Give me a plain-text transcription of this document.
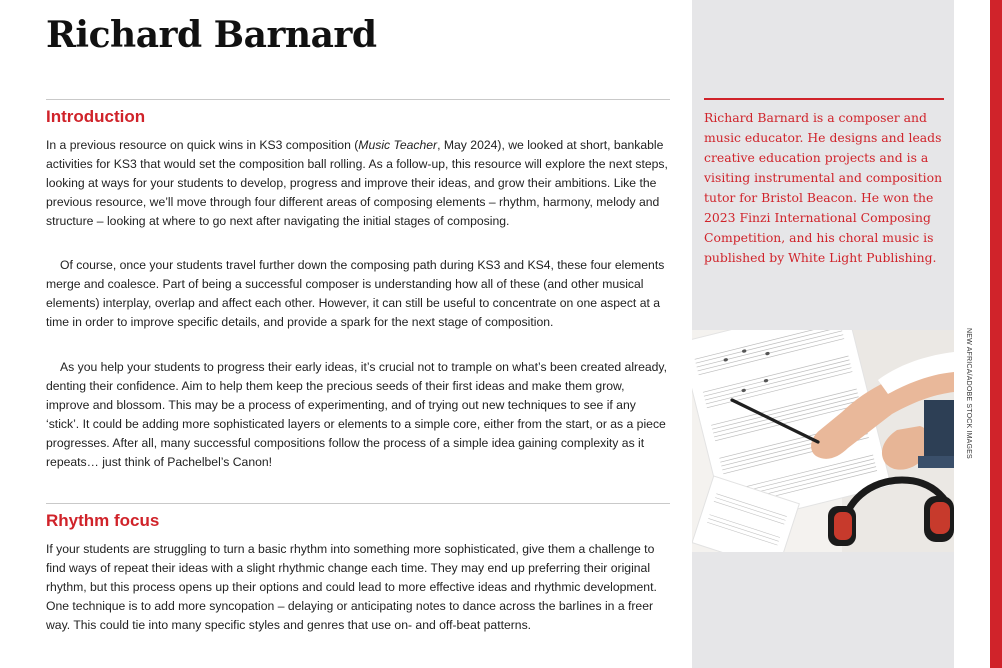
Richard Barnard
Introduction

In a previous resource on quick wins in KS3 composition (Music Teacher, May 2024), we looked at short, bankable activities for KS3 that would set the composition ball rolling. As a follow-up, this resource will explore the next steps, looking at ways for your students to develop, progress and improve their ideas, and grow their ambitions. Like the previous resource, we’ll move through four different areas of composing elements – rhythm, harmony, melody and structure – looking at where to go next after navigating the initial stages of composing.

Of course, once your students travel further down the composing path during KS3 and KS4, these four elements merge and coalesce. Part of being a successful composer is understanding how all of these (and other musical elements) interplay, overlap and affect each other. However, it can still be useful to concentrate on one aspect at a time in order to improve specific details, and provide a spark for the next stage of composition.

As you help your students to progress their early ideas, it’s crucial not to trample on what’s been created already, denting their confidence. Aim to help them keep the precious seeds of their first ideas and make them grow, improve and blossom. This may be a process of experimenting, and of trying out new techniques to see if any ‘stick’. It could be adding more sophisticated layers or elements to a simple core, either from the start, or as a piece progresses. After all, many successful compositions follow the process of a simple idea gaining complexity as it repeats… just think of Pachelbel’s Canon!

Rhythm focus

If your students are struggling to turn a basic rhythm into something more sophisticated, give them a challenge to find ways of repeat their ideas with a slight rhythmic change each time. They may end up preferring their original rhythm, but this process opens up their options and could lead to more effective ideas and rhythmic development. One technique is to add more syncopation – delaying or anticipating notes to dance across the barlines in a freer way. This could tie into many specific styles and genres that use on- and off-beat patterns.

Richard Barnard is a composer and music educator. He designs and leads creative education projects and is a visiting instrumental and composition tutor for Bristol Beacon. He won the 2023 Finzi International Composing Competition, and his choral music is published by White Light Publishing.

NEW AFRICA/ADOBE STOCK IMAGES
